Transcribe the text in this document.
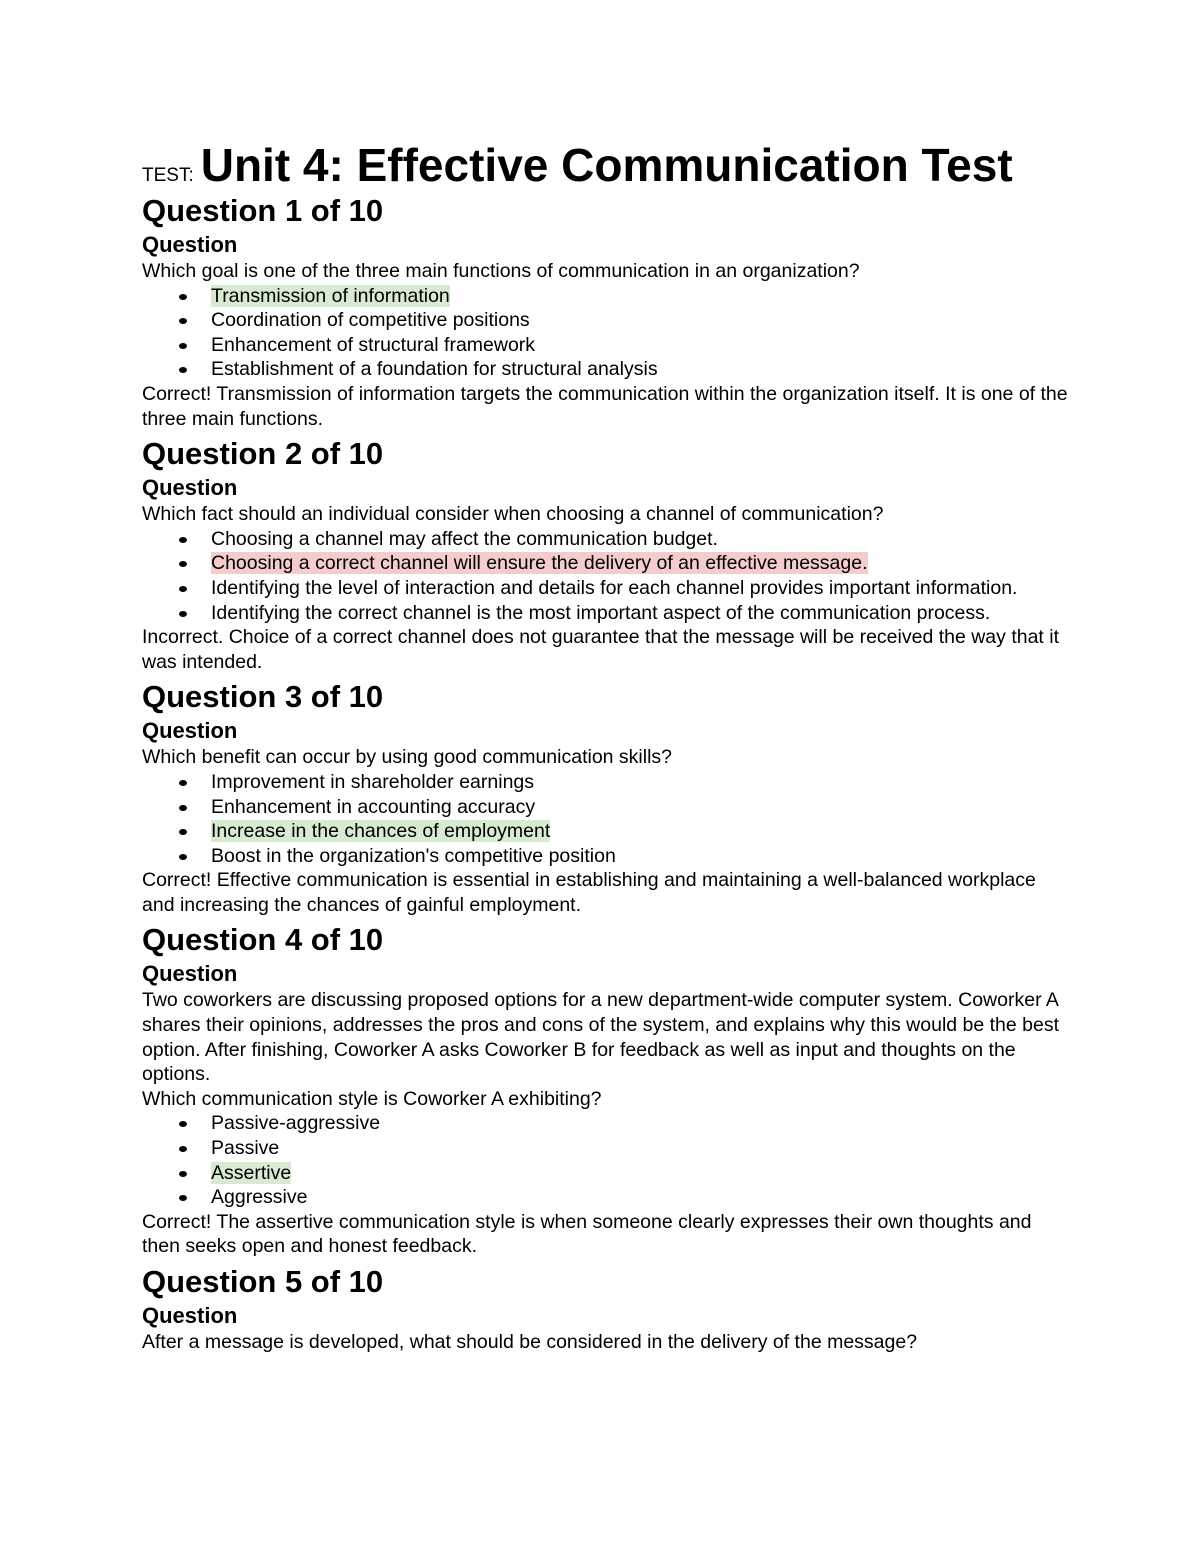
TEST: Unit 4: Effective Communication Test
Question 1 of 10
Question

Which goal is one of the three main functions of communication in an organization?

Transmission of information
Coordination of competitive positions
Enhancement of structural framework
Establishment of a foundation for structural analysis

Correct! Transmission of information targets the communication within the organization itself. It is one of the three main functions.

Question 2 of 10
Question

Which fact should an individual consider when choosing a channel of communication?

Choosing a channel may affect the communication budget.
Choosing a correct channel will ensure the delivery of an effective message.
Identifying the level of interaction and details for each channel provides important information.
Identifying the correct channel is the most important aspect of the communication process.

Incorrect. Choice of a correct channel does not guarantee that the message will be received the way that it was intended.

Question 3 of 10
Question

Which benefit can occur by using good communication skills?

Improvement in shareholder earnings
Enhancement in accounting accuracy
Increase in the chances of employment
Boost in the organization's competitive position

Correct! Effective communication is essential in establishing and maintaining a well-balanced workplace and increasing the chances of gainful employment.

Question 4 of 10
Question

Two coworkers are discussing proposed options for a new department-wide computer system. Coworker A shares their opinions, addresses the pros and cons of the system, and explains why this would be the best option. After finishing, Coworker A asks Coworker B for feedback as well as input and thoughts on the options.

Which communication style is Coworker A exhibiting?

Passive-aggressive
Passive
Assertive
Aggressive

Correct! The assertive communication style is when someone clearly expresses their own thoughts and then seeks open and honest feedback.

Question 5 of 10
Question

After a message is developed, what should be considered in the delivery of the message?
